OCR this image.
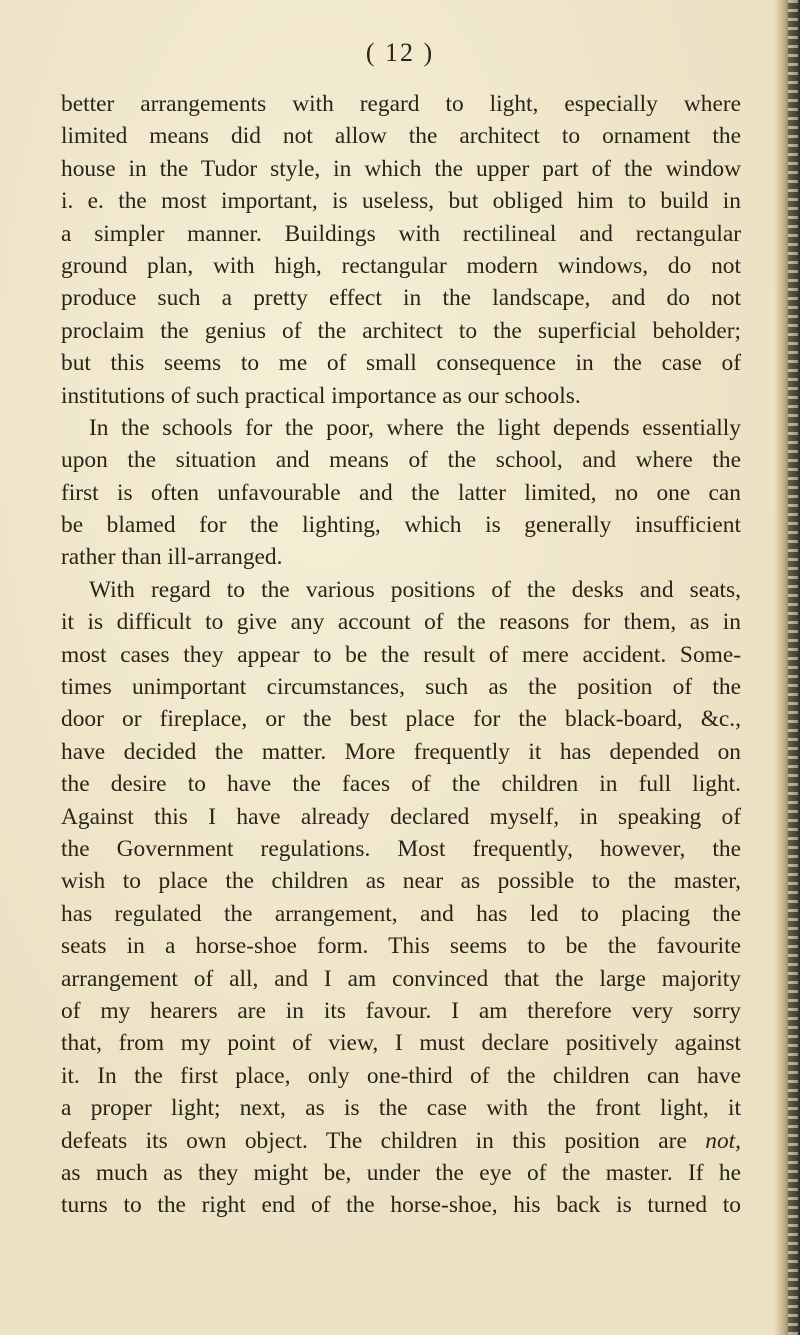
( 12 )
better arrangements with regard to light, especially where
limited means did not allow the architect to ornament the
house in the Tudor style, in which the upper part of the window
i. e. the most important, is useless, but obliged him to build in
a simpler manner. Buildings with rectilineal and rectangular
ground plan, with high, rectangular modern windows, do not
produce such a pretty effect in the landscape, and do not
proclaim the genius of the architect to the superficial beholder;
but this seems to me of small consequence in the case of
institutions of such practical importance as our schools.
In the schools for the poor, where the light depends essentially
upon the situation and means of the school, and where the
first is often unfavourable and the latter limited, no one can
be blamed for the lighting, which is generally insufficient
rather than ill-arranged.
With regard to the various positions of the desks and seats,
it is difficult to give any account of the reasons for them, as in
most cases they appear to be the result of mere accident. Some-
times unimportant circumstances, such as the position of the
door or fireplace, or the best place for the black-board, &c.,
have decided the matter. More frequently it has depended on
the desire to have the faces of the children in full light.
Against this I have already declared myself, in speaking of
the Government regulations. Most frequently, however, the
wish to place the children as near as possible to the master,
has regulated the arrangement, and has led to placing the
seats in a horse-shoe form. This seems to be the favourite
arrangement of all, and I am convinced that the large majority
of my hearers are in its favour. I am therefore very sorry
that, from my point of view, I must declare positively against
it. In the first place, only one-third of the children can have
a proper light; next, as is the case with the front light, it
defeats its own object. The children in this position are not,
as much as they might be, under the eye of the master. If he
turns to the right end of the horse-shoe, his back is turned to
